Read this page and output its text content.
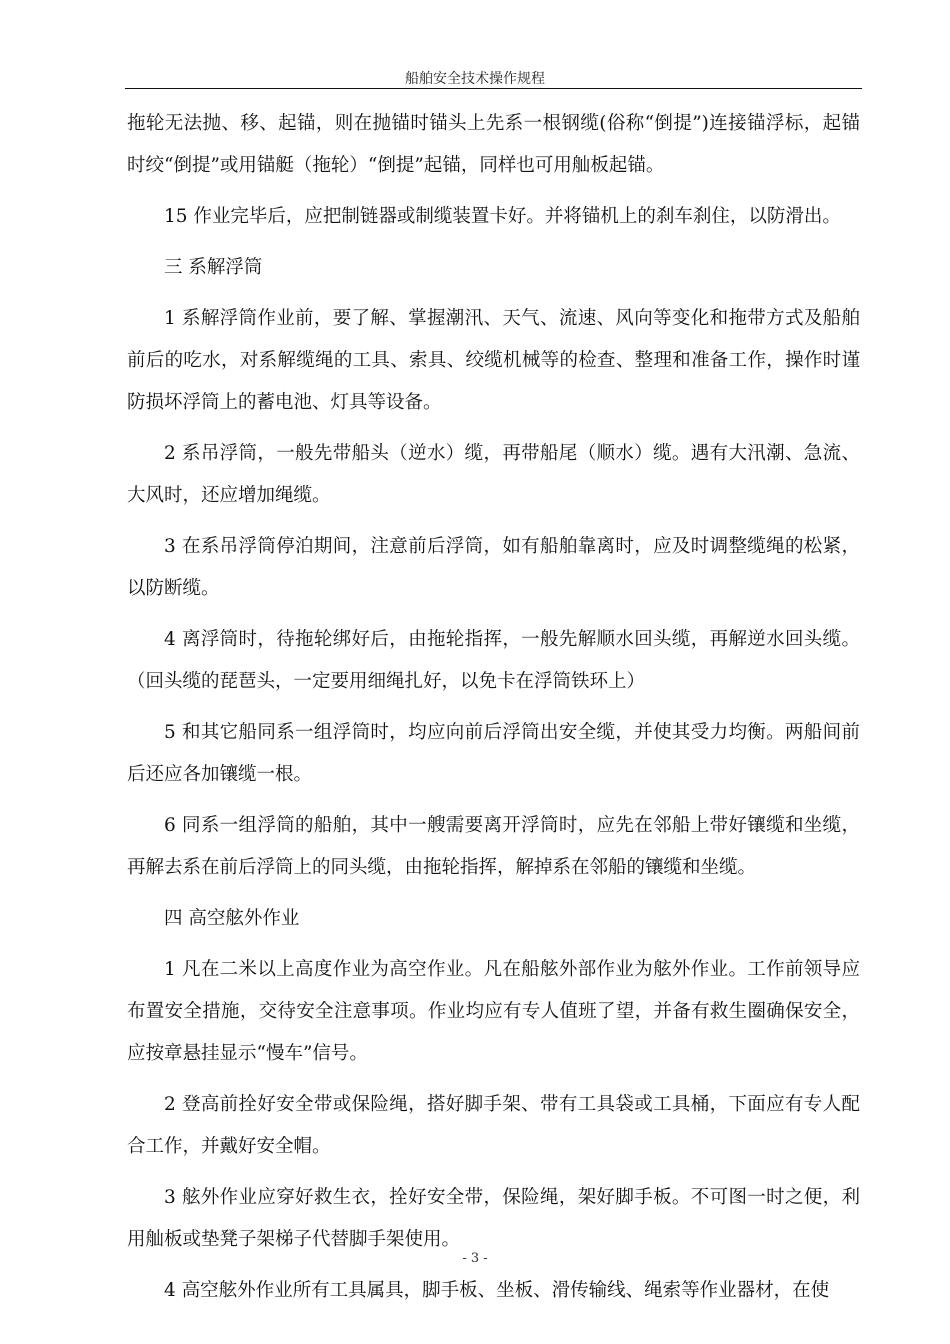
船舶安全技术操作规程

拖轮无法抛、移、起锚，则在抛锚时锚头上先系一根钢缆(俗称“倒提”)连接锚浮标，起锚时绞“倒提”或用锚艇（拖轮）“倒提”起锚，同样也可用舢板起锚。

15 作业完毕后，应把制链器或制缆装置卡好。并将锚机上的刹车刹住，以防滑出。

三 系解浮筒

1 系解浮筒作业前，要了解、掌握潮汛、天气、流速、风向等变化和拖带方式及船舶前后的吃水，对系解缆绳的工具、索具、绞缆机械等的检查、整理和准备工作，操作时谨防损坏浮筒上的蓄电池、灯具等设备。

2 系吊浮筒，一般先带船头（逆水）缆，再带船尾（顺水）缆。遇有大汛潮、急流、大风时，还应增加绳缆。

3 在系吊浮筒停泊期间，注意前后浮筒，如有船舶靠离时，应及时调整缆绳的松紧，以防断缆。

4 离浮筒时，待拖轮绑好后，由拖轮指挥，一般先解顺水回头缆，再解逆水回头缆。（回头缆的琵琶头，一定要用细绳扎好，以免卡在浮筒铁环上）

5 和其它船同系一组浮筒时，均应向前后浮筒出安全缆，并使其受力均衡。两船间前后还应各加镶缆一根。

6 同系一组浮筒的船舶，其中一艘需要离开浮筒时，应先在邻船上带好镶缆和坐缆，再解去系在前后浮筒上的同头缆，由拖轮指挥，解掉系在邻船的镶缆和坐缆。

四 高空舷外作业

1 凡在二米以上高度作业为高空作业。凡在船舷外部作业为舷外作业。工作前领导应布置安全措施，交待安全注意事项。作业均应有专人值班了望，并备有救生圈确保安全，应按章悬挂显示“慢车”信号。

2 登高前拴好安全带或保险绳，搭好脚手架、带有工具袋或工具桶，下面应有专人配合工作，并戴好安全帽。

3 舷外作业应穿好救生衣，拴好安全带，保险绳，架好脚手板。不可图一时之便，利用舢板或垫凳子架梯子代替脚手架使用。

4 高空舷外作业所有工具属具，脚手板、坐板、滑传输线、绳索等作业器材，在使

- 3 -
